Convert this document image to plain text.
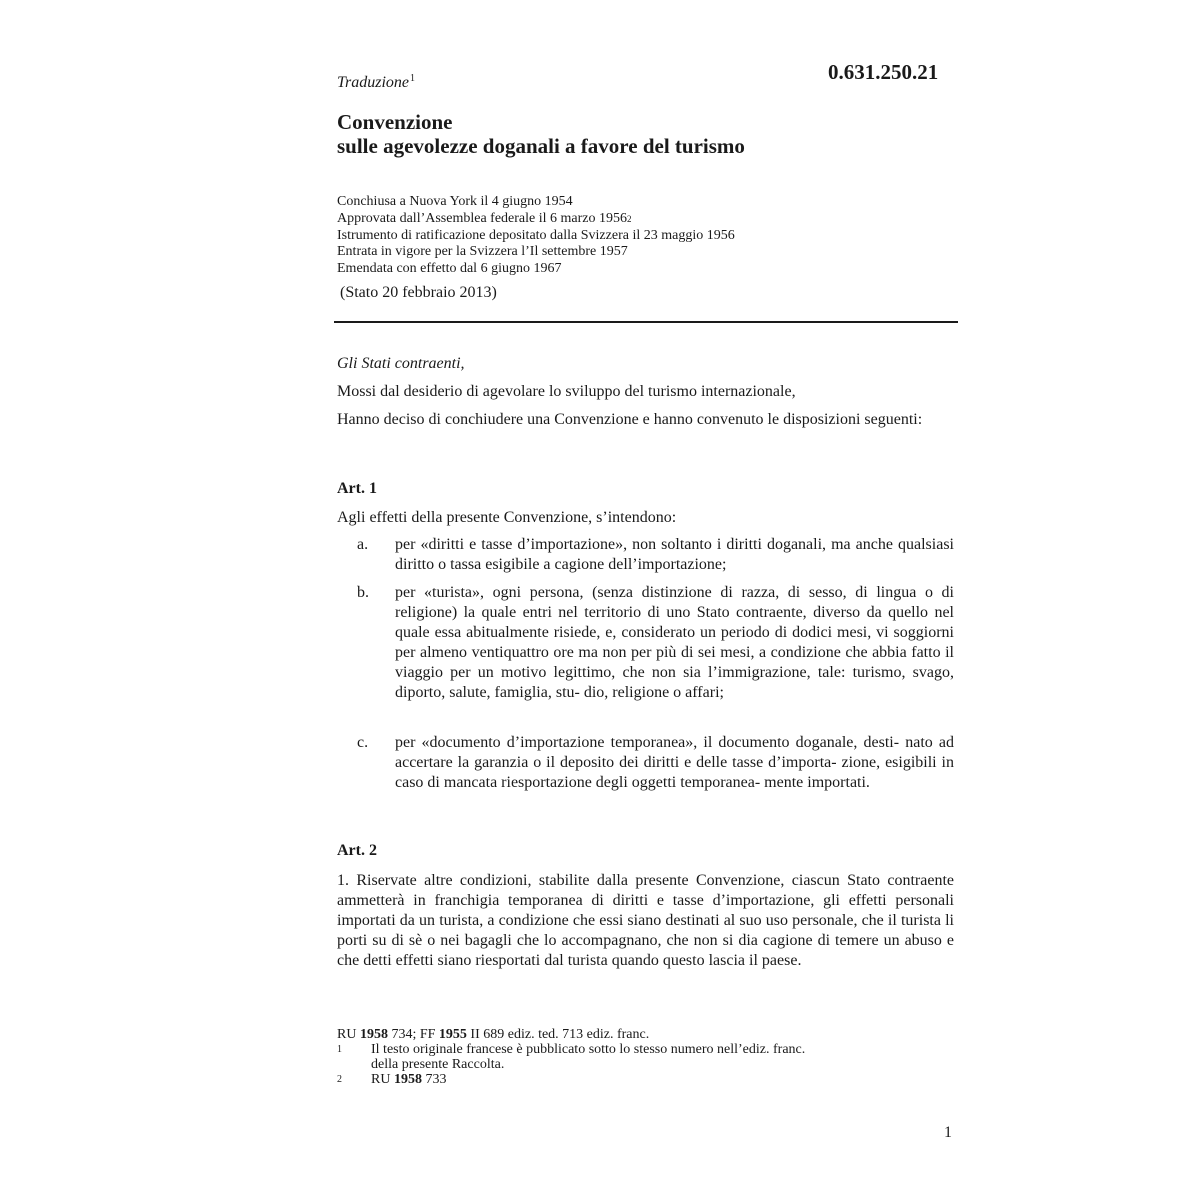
0.631.250.21
Traduzione$^1$
Convenzione
sulle agevolezze doganali a favore del turismo
Conchiusa a Nuova York il 4 giugno 1954
Approvata dall’Assemblea federale il 6 marzo 1956$^2$
Istrumento di ratificazione depositato dalla Svizzera il 23 maggio 1956
Entrata in vigore per la Svizzera l’Il settembre 1957
Emendata con effetto dal 6 giugno 1967
(Stato 20 febbraio 2013)
Gli Stati contraenti,
Mossi dal desiderio di agevolare lo sviluppo del turismo internazionale,
Hanno deciso di conchiudere una Convenzione e hanno convenuto le disposizioni seguenti:
Art. 1
Agli effetti della presente Convenzione, s’intendono:
a. per «diritti e tasse d’importazione», non soltanto i diritti doganali, ma anche qualsiasi diritto o tassa esigibile a cagione dell’importazione;
b. per «turista», ogni persona, (senza distinzione di razza, di sesso, di lingua o di religione) la quale entri nel territorio di uno Stato contraente, diverso da quello nel quale essa abitualmente risiede, e, considerato un periodo di dodici mesi, vi soggiorni per almeno ventiquattro ore ma non per più di sei mesi, a condizione che abbia fatto il viaggio per un motivo legittimo, che non sia l’immigrazione, tale: turismo, svago, diporto, salute, famiglia, stu- dio, religione o affari;
c. per «documento d’importazione temporanea», il documento doganale, desti- nato ad accertare la garanzia o il deposito dei diritti e delle tasse d’importa- zione, esigibili in caso di mancata riesportazione degli oggetti temporanea- mente importati.
Art. 2
1. Riservate altre condizioni, stabilite dalla presente Convenzione, ciascun Stato contraente ammetterà in franchigia temporanea di diritti e tasse d’importazione, gli effetti personali importati da un turista, a condizione che essi siano destinati al suo uso personale, che il turista li porti su di sè o nei bagagli che lo accompagnano, che non si dia cagione di temere un abuso e che detti effetti siano riesportati dal turista quando questo lascia il paese.
RU 1958 734; FF 1955 II 689 ediz. ted. 713 ediz. franc.
1 Il testo originale francese è pubblicato sotto lo stesso numero nell’ediz. franc.
della presente Raccolta.
2 RU 1958 733
1
